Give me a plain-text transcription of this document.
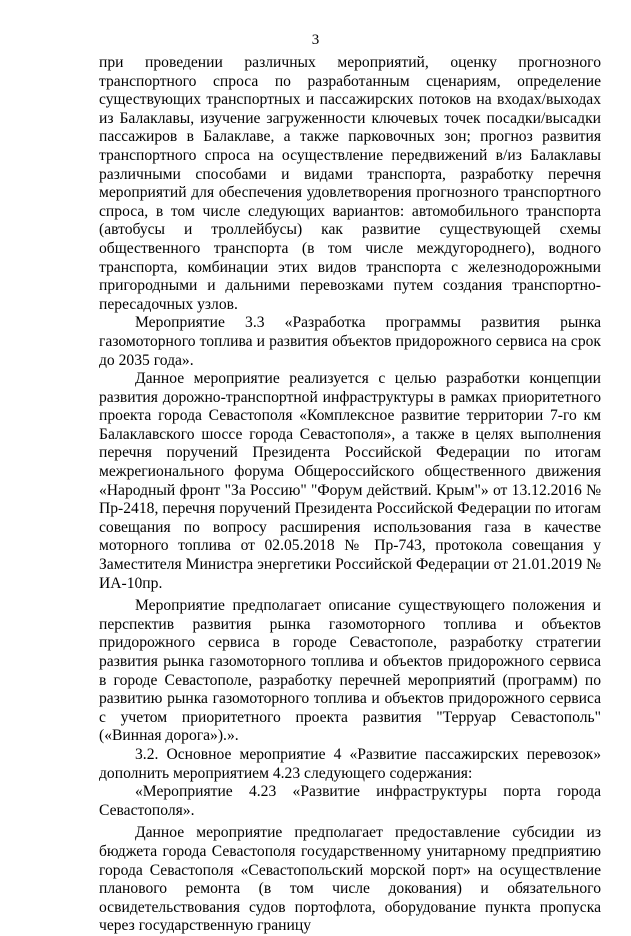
3

при проведении различных мероприятий, оценку прогнозного транспортного спроса по разработанным сценариям, определение существующих транспортных и пассажирских потоков на входах/выходах из Балаклавы, изучение загруженности ключевых точек посадки/высадки пассажиров в Балаклаве, а также парковочных зон; прогноз развития транспортного спроса на осуществление передвижений в/из Балаклавы различными способами и видами транспорта, разработку перечня мероприятий для обеспечения удовлетворения прогнозного транспортного спроса, в том числе следующих вариантов: автомобильного транспорта (автобусы и троллейбусы) как развитие существующей схемы общественного транспорта (в том числе междугороднего), водного транспорта, комбинации этих видов транспорта с железнодорожными пригородными и дальними перевозками путем создания транспортно-пересадочных узлов.

Мероприятие 3.3 «Разработка программы развития рынка газомоторного топлива и развития объектов придорожного сервиса на срок до 2035 года».

Данное мероприятие реализуется с целью разработки концепции развития дорожно-транспортной инфраструктуры в рамках приоритетного проекта города Севастополя «Комплексное развитие территории 7-го км Балаклавского шоссе города Севастополя», а также в целях выполнения перечня поручений Президента Российской Федерации по итогам межрегионального форума Общероссийского общественного движения «Народный фронт "За Россию" "Форум действий. Крым"» от 13.12.2016 № Пр-2418, перечня поручений Президента Российской Федерации по итогам совещания по вопросу расширения использования газа в качестве моторного топлива от 02.05.2018 № Пр-743, протокола совещания у Заместителя Министра энергетики Российской Федерации от 21.01.2019 № ИА-10пр.

Мероприятие предполагает описание существующего положения и перспектив развития рынка газомоторного топлива и объектов придорожного сервиса в городе Севастополе, разработку стратегии развития рынка газомоторного топлива и объектов придорожного сервиса в городе Севастополе, разработку перечней мероприятий (программ) по развитию рынка газомоторного топлива и объектов придорожного сервиса с учетом приоритетного проекта развития "Терруар Севастополь" («Винная дорога»).».

3.2. Основное мероприятие 4 «Развитие пассажирских перевозок» дополнить мероприятием 4.23 следующего содержания:

«Мероприятие 4.23 «Развитие инфраструктуры порта города Севастополя».

Данное мероприятие предполагает предоставление субсидии из бюджета города Севастополя государственному унитарному предприятию города Севастополя «Севастопольский морской порт» на осуществление планового ремонта (в том числе докования) и обязательного освидетельствования судов портофлота, оборудование пункта пропуска через государственную границу
